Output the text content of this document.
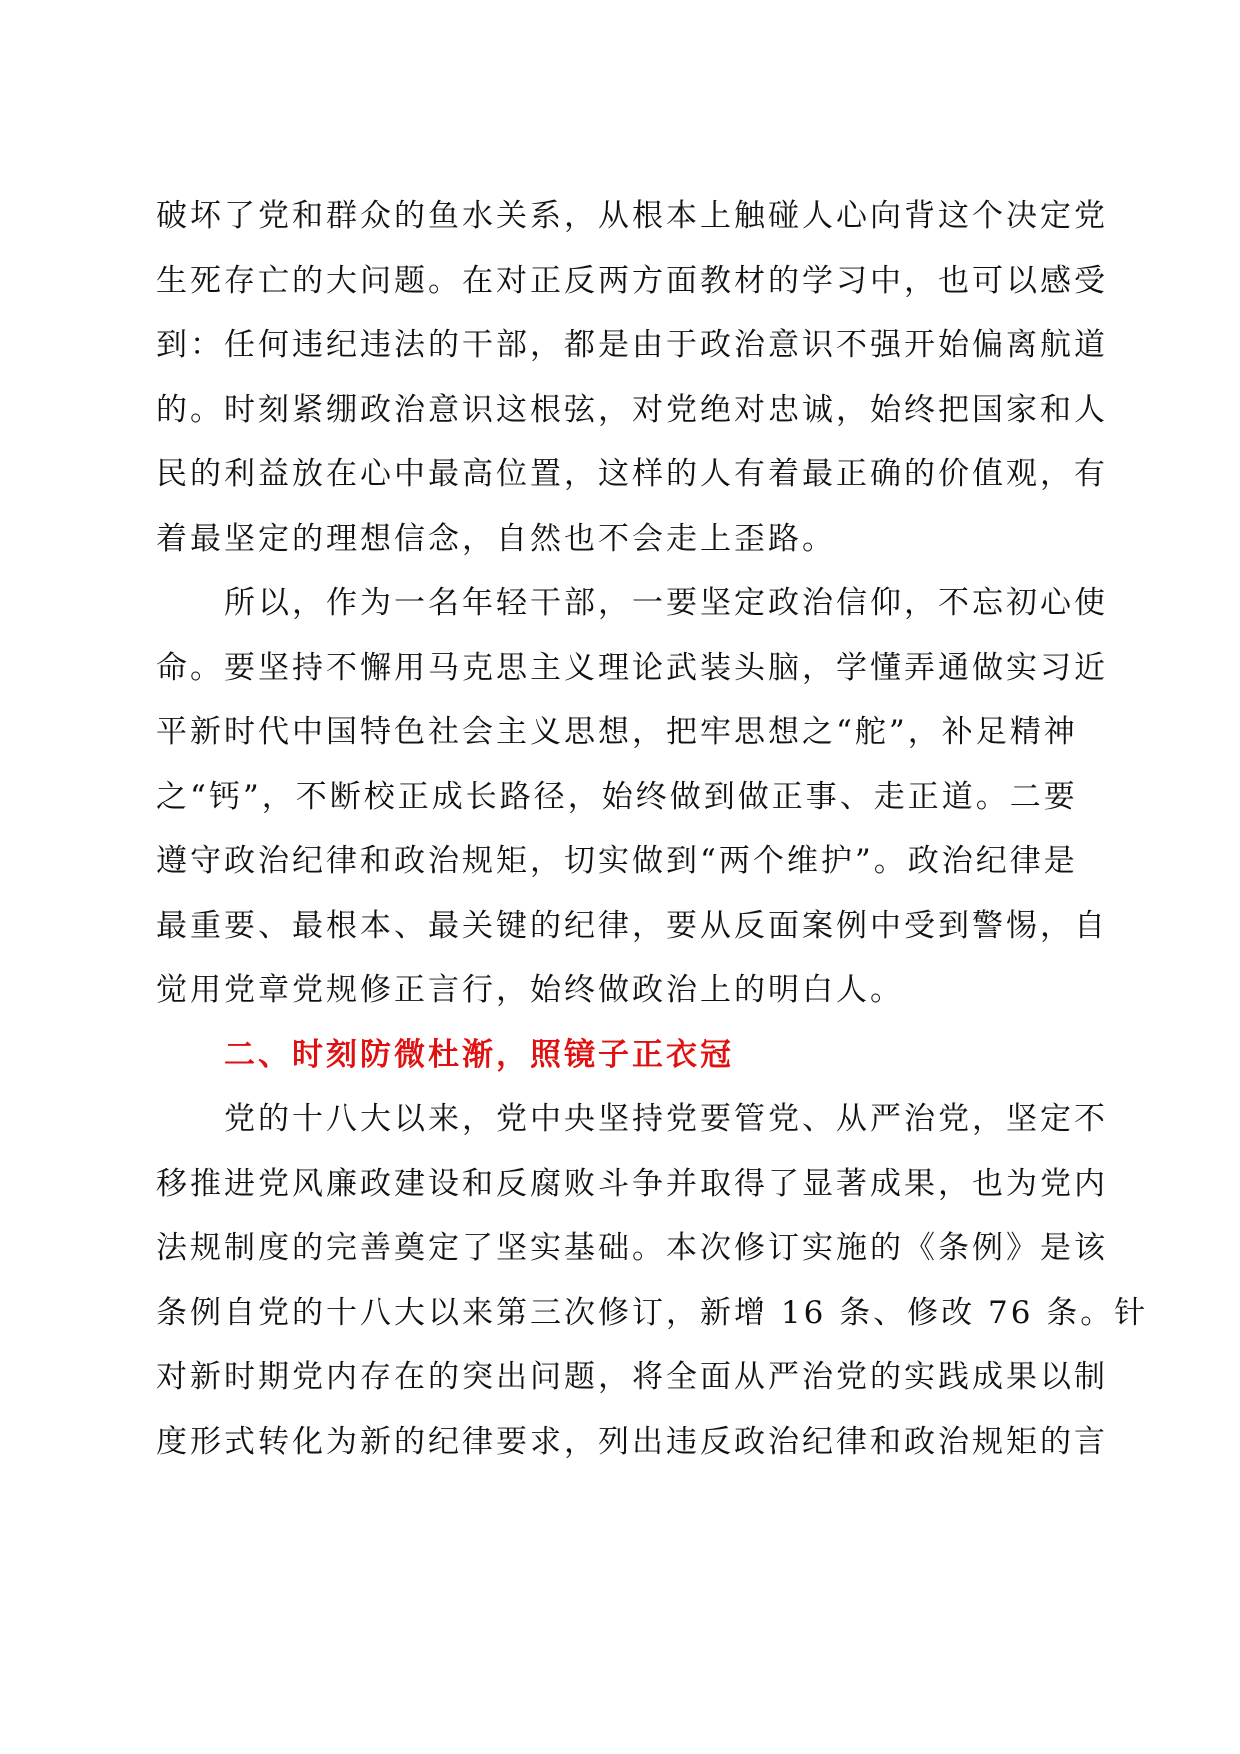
破坏了党和群众的鱼水关系，从根本上触碰人心向背这个决定党
生死存亡的大问题。在对正反两方面教材的学习中，也可以感受
到：任何违纪违法的干部，都是由于政治意识不强开始偏离航道
的。时刻紧绷政治意识这根弦，对党绝对忠诚，始终把国家和人
民的利益放在心中最高位置，这样的人有着最正确的价值观，有
着最坚定的理想信念，自然也不会走上歪路。
　　所以，作为一名年轻干部，一要坚定政治信仰，不忘初心使
命。要坚持不懈用马克思主义理论武装头脑，学懂弄通做实习近
平新时代中国特色社会主义思想，把牢思想之“舵”，补足精神
之“钙”，不断校正成长路径，始终做到做正事、走正道。二要
遵守政治纪律和政治规矩，切实做到“两个维护”。政治纪律是
最重要、最根本、最关键的纪律，要从反面案例中受到警惕，自
觉用党章党规修正言行，始终做政治上的明白人。
　　二、时刻防微杜渐，照镜子正衣冠
　　党的十八大以来，党中央坚持党要管党、从严治党，坚定不
移推进党风廉政建设和反腐败斗争并取得了显著成果，也为党内
法规制度的完善奠定了坚实基础。本次修订实施的《条例》是该
条例自党的十八大以来第三次修订，新增 16 条、修改 76 条。针
对新时期党内存在的突出问题，将全面从严治党的实践成果以制
度形式转化为新的纪律要求，列出违反政治纪律和政治规矩的言
